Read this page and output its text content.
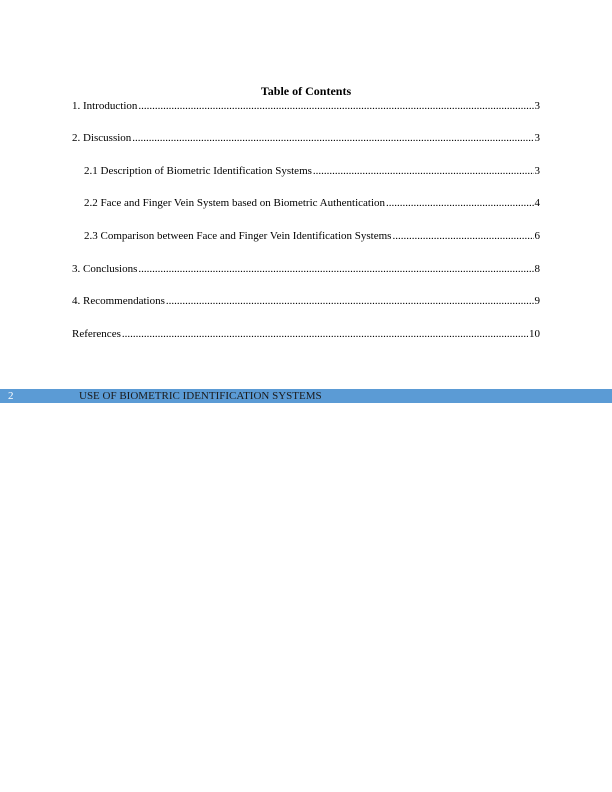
Table of Contents
1. Introduction .....	3
2. Discussion .....	3
2.1 Description of Biometric Identification Systems .....	3
2.2 Face and Finger Vein System based on Biometric Authentication .....	4
2.3 Comparison between Face and Finger Vein Identification Systems .....	6
3. Conclusions .....	8
4. Recommendations .....	9
References .....	10
2	USE OF BIOMETRIC IDENTIFICATION SYSTEMS
